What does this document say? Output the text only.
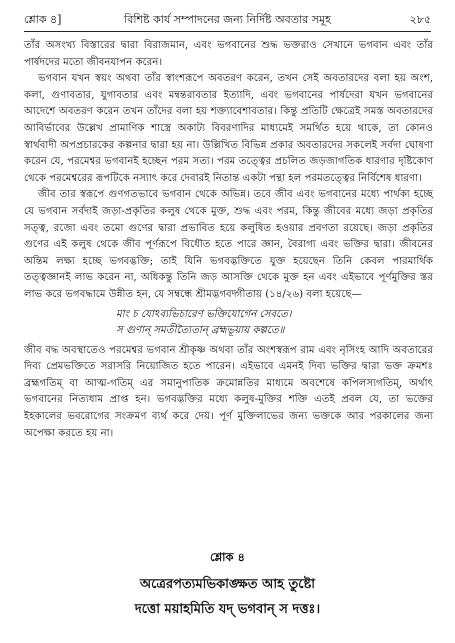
শ্লোক ৪]	বিশিষ্ট কার্য সম্পাদনের জন্য নির্দিষ্ট অবতার সমূহ	২৮৫

তাঁর অসংখ্য বিস্তারের দ্বারা বিরাজমান, এবং ভগবানের শুদ্ধ ভক্তরাও সেখানে ভগবান এবং তাঁর পার্ষদদের মতো জীবনযাপন করেন।

ভগবান যখন স্বয়ং অথবা তাঁর স্বাংশরূপে অবতরণ করেন, তখন সেই অবতারদের বলা হয় অংশ, কলা, গুণাবতার, যুগাবতার এবং মন্বন্তরাবতার ইত্যাদি, এবং ভগবানের পার্ষদেরা যখন ভগবানের আদেশে অবতরণ করেন তখন তাঁদের বলা হয় শক্ত্যাবেশাবতার। কিন্তু প্রতিটি ক্ষেত্রেই সমস্ত অবতারদের আবির্ভাবের উল্লেখ প্রামাণিক শাস্ত্রে অকাট্য বিবরণাদির মাধ্যমেই সমর্থিত হয়ে থাকে, তা কোনও স্বার্থবাদী অপপ্রচারকের কল্পনার দ্বারা হয় না। উল্লিখিত বিভিন্ন প্রকার অবতারদের সকলেই সর্বদা ঘোষণা করেন যে, পরমেশ্বর ভগবানই হচ্ছেন পরম সত্য। পরম তত্ত্বের প্রচলিত জড়জাগতিক ধারণার দৃষ্টিকোণ থেকে পরমেশ্বরের রূপটিকে নস্যাৎ করে দেবারই নিতান্ত একটা পন্থা হল পরমতত্ত্বের নির্বিশেষ ধারণা।

জীব তার স্বরূপে গুণগতভাবে ভগবান থেকে অভিন্ন। তবে জীব এবং ভগবানের মধ্যে পার্থক্য হচ্ছে যে ভগবান সর্বদাই জড়া-প্রকৃতির কলুষ থেকে মুক্ত, শুদ্ধ এবং পরম, কিন্তু জীবের মধ্যে জড়া প্রকৃতির সত্ত্ব, রজো এবং তমো গুণের দ্বারা প্রভাবিত হয়ে কলুষিত হওয়ার প্রবণতা রয়েছে। জড়া প্রকৃতির গুণের এই কলুষ থেকে জীব পূর্ণরূপে বিধৌত হতে পারে জ্ঞান, বৈরাগ্য এবং ভক্তির দ্বারা। জীবনের অন্তিম লক্ষ্য হচ্ছে ভগবদ্ভক্তি; তাই যিনি ভগবদ্ভক্তিতে যুক্ত হয়েছেন তিনি কেবল পারমার্থিক তত্ত্বজ্ঞানই লাভ করেন না, অধিকন্তু তিনি জড় আসক্তি থেকে মুক্ত হন এবং এইভাবে পূর্ণমুক্তির স্তর লাভ করে ভগবদ্ধামে উন্নীত হন, যে সম্বন্ধে শ্রীমদ্ভগবদ্গীতায় (১৪/২৬) বলা হয়েছে—

মাং চ যোঽব্যভিচারেণ ভক্তিযোগেন সেবতে।
স গুণান্ সমতীত্যৈতান্ ব্রহ্মভূয়ায় কল্পতে॥

জীব বদ্ধ অবস্থাতেও পরমেশ্বর ভগবান শ্রীকৃষ্ণ অথবা তাঁর অংশস্বরূপ রাম এবং নৃসিংহ আদি অবতারের দিব্য প্রেমভক্তিতে সরাসরি নিয়োজিত হতে পারেন। এইভাবে এমনই দিব্য ভক্তির দ্বারা ভক্ত ক্রমশঃ ব্রহ্মগতিম্ বা আত্ম-গতিম্ এর সমানুপাতিক ক্রমোন্নতির মাধ্যমে অবশেষে কপিলস্যগতিম্, অর্থাৎ ভগবানের নিত্যধাম প্রাপ্ত হন। ভগবদ্ভক্তির মধ্যে কলুষ-মুক্তির শক্তি এতই প্রবল যে, তা ভক্তের ইহকালের ভবরোগের সংক্রমণ ব্যর্থ করে দেয়। পূর্ণ মুক্তিলাভের জন্য ভক্তকে আর পরকালের জন্য অপেক্ষা করতে হয় না।

শ্লোক ৪
অত্রেরপত্যমভিকাঙ্ক্ষত আহ তুষ্টো
দত্তো ময়াহমিতি যদ্ ভগবান্ স দত্তঃ।
